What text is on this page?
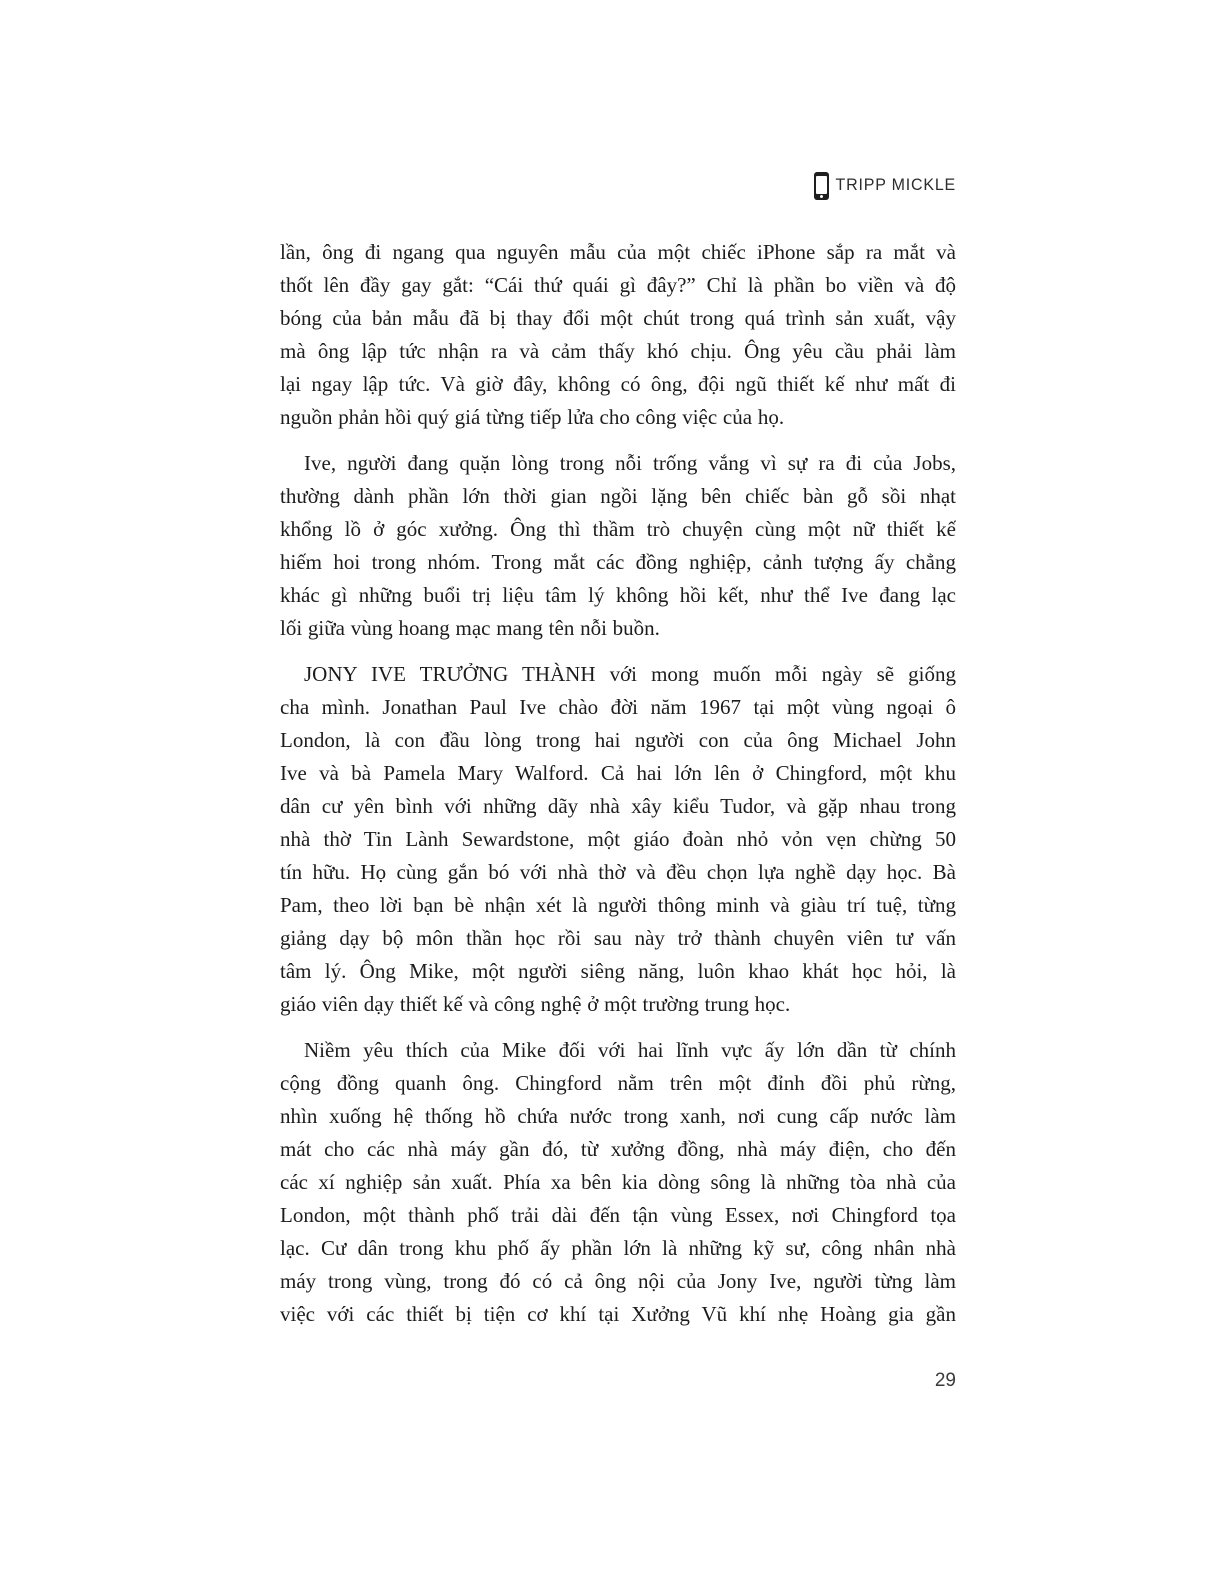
TRIPP MICKLE
lần, ông đi ngang qua nguyên mẫu của một chiếc iPhone sắp ra mắt và
thốt lên đầy gay gắt: “Cái thứ quái gì đây?” Chỉ là phần bo viền và độ
bóng của bản mẫu đã bị thay đổi một chút trong quá trình sản xuất, vậy
mà ông lập tức nhận ra và cảm thấy khó chịu. Ông yêu cầu phải làm
lại ngay lập tức. Và giờ đây, không có ông, đội ngũ thiết kế như mất đi
nguồn phản hồi quý giá từng tiếp lửa cho công việc của họ.
Ive, người đang quặn lòng trong nỗi trống vắng vì sự ra đi của Jobs,
thường dành phần lớn thời gian ngồi lặng bên chiếc bàn gỗ sồi nhạt
khổng lồ ở góc xưởng. Ông thì thầm trò chuyện cùng một nữ thiết kế
hiếm hoi trong nhóm. Trong mắt các đồng nghiệp, cảnh tượng ấy chẳng
khác gì những buổi trị liệu tâm lý không hồi kết, như thể Ive đang lạc
lối giữa vùng hoang mạc mang tên nỗi buồn.
JONY IVE TRƯỞNG THÀNH với mong muốn mỗi ngày sẽ giống
cha mình. Jonathan Paul Ive chào đời năm 1967 tại một vùng ngoại ô
London, là con đầu lòng trong hai người con của ông Michael John
Ive và bà Pamela Mary Walford. Cả hai lớn lên ở Chingford, một khu
dân cư yên bình với những dãy nhà xây kiểu Tudor, và gặp nhau trong
nhà thờ Tin Lành Sewardstone, một giáo đoàn nhỏ vỏn vẹn chừng 50
tín hữu. Họ cùng gắn bó với nhà thờ và đều chọn lựa nghề dạy học. Bà
Pam, theo lời bạn bè nhận xét là người thông minh và giàu trí tuệ, từng
giảng dạy bộ môn thần học rồi sau này trở thành chuyên viên tư vấn
tâm lý. Ông Mike, một người siêng năng, luôn khao khát học hỏi, là
giáo viên dạy thiết kế và công nghệ ở một trường trung học.
Niềm yêu thích của Mike đối với hai lĩnh vực ấy lớn dần từ chính
cộng đồng quanh ông. Chingford nằm trên một đỉnh đồi phủ rừng,
nhìn xuống hệ thống hồ chứa nước trong xanh, nơi cung cấp nước làm
mát cho các nhà máy gần đó, từ xưởng đồng, nhà máy điện, cho đến
các xí nghiệp sản xuất. Phía xa bên kia dòng sông là những tòa nhà của
London, một thành phố trải dài đến tận vùng Essex, nơi Chingford tọa
lạc. Cư dân trong khu phố ấy phần lớn là những kỹ sư, công nhân nhà
máy trong vùng, trong đó có cả ông nội của Jony Ive, người từng làm
việc với các thiết bị tiện cơ khí tại Xưởng Vũ khí nhẹ Hoàng gia gần
29
